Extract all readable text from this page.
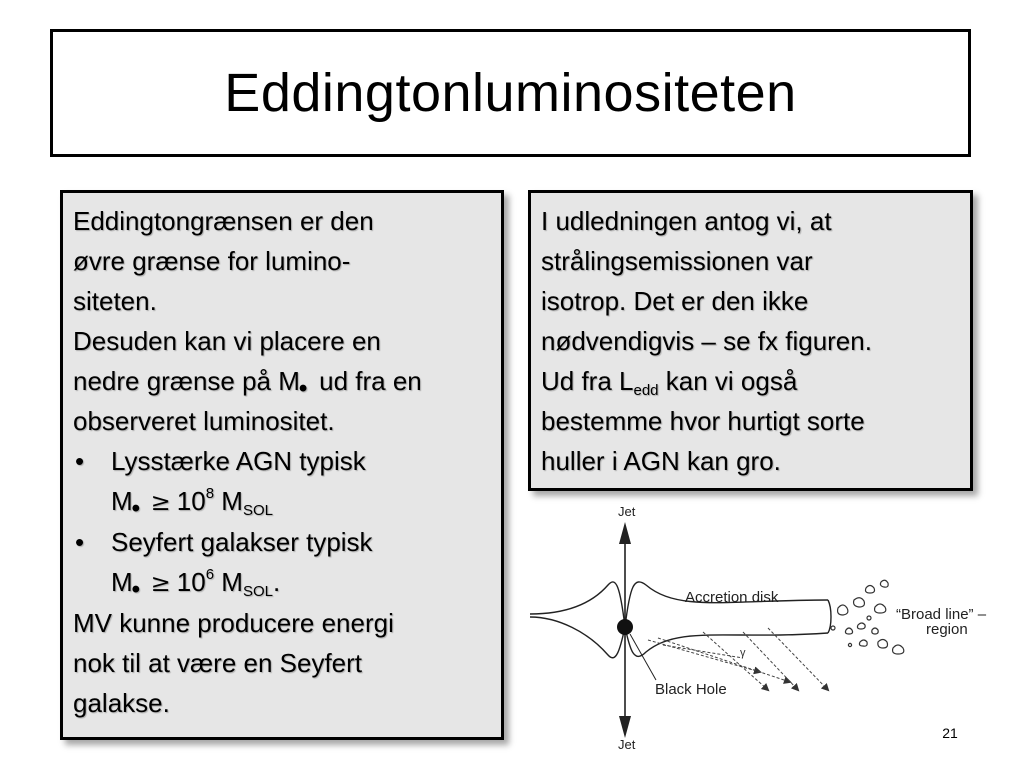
Eddingtonluminositeten
Eddingtongrænsen er den
øvre grænse for lumino-
siteten.
Desuden kan vi placere en
nedre grænse på M • ud fra en
observeret luminositet.
• Lysstærke AGN typisk
M • ≥ $10^8$ $M_{SOL}$
• Seyfert galakser typisk
M • ≥ $10^6$ $M_{SOL}$.
MV kunne producere energi
nok til at være en Seyfert
galakse.
I udledningen antog vi, at
strålingsemissionen var
isotrop. Det er den ikke
nødvendigvis – se fx figuren.
Ud fra $L_{edd}$ kan vi også
bestemme hvor hurtigt sorte
huller i AGN kan gro.
Jet
Jet
γ
Accretion disk
Black Hole
“Broad line” –
region
21
